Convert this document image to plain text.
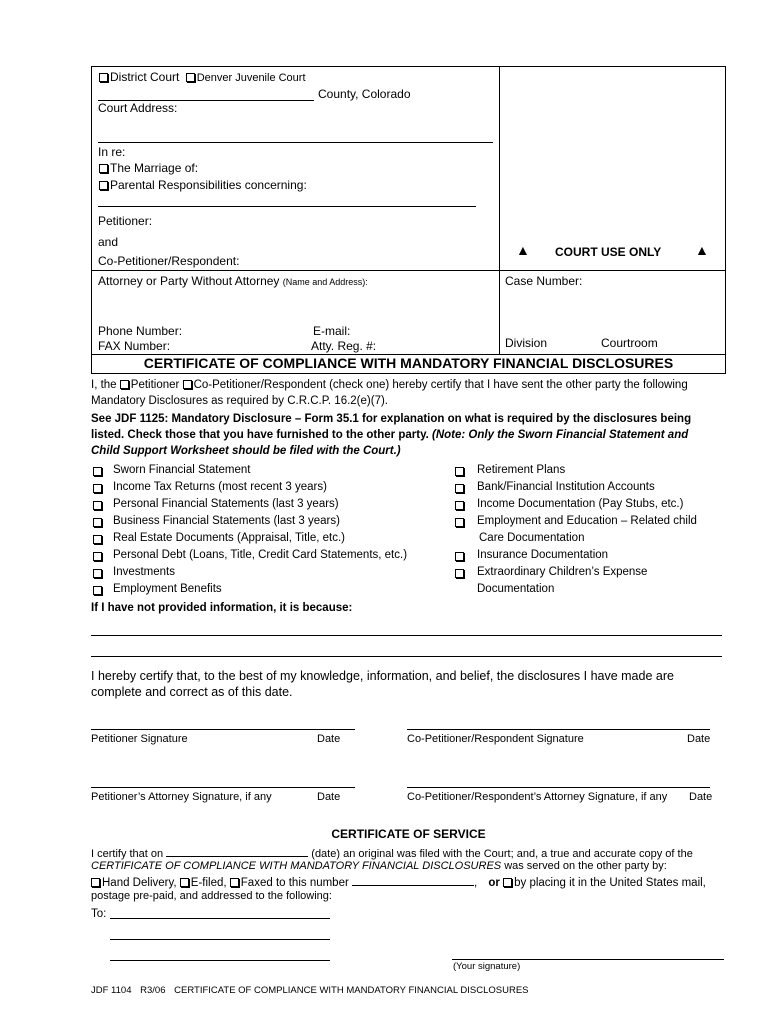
District Court Denver Juvenile Court
County, Colorado
Court Address:
In re:
The Marriage of:
Parental Responsibilities concerning:
Petitioner:
and
Co-Petitioner/Respondent:
▲ COURT USE ONLY ▲
Attorney or Party Without Attorney (Name and Address):	Case Number:
Phone Number:	E-mail:
FAX Number:	Atty. Reg. #:	Division	Courtroom
CERTIFICATE OF COMPLIANCE WITH MANDATORY FINANCIAL DISCLOSURES
I, the Petitioner Co-Petitioner/Respondent (check one) hereby certify that I have sent the other party the following
Mandatory Disclosures as required by C.R.C.P. 16.2(e)(7).
See JDF 1125: Mandatory Disclosure – Form 35.1 for explanation on what is required by the disclosures being
listed. Check those that you have furnished to the other party. (Note: Only the Sworn Financial Statement and
Child Support Worksheet should be filed with the Court.)
Sworn Financial Statement
Income Tax Returns (most recent 3 years)
Personal Financial Statements (last 3 years)
Business Financial Statements (last 3 years)
Real Estate Documents (Appraisal, Title, etc.)
Personal Debt (Loans, Title, Credit Card Statements, etc.)
Investments
Employment Benefits
Retirement Plans
Bank/Financial Institution Accounts
Income Documentation (Pay Stubs, etc.)
Employment and Education – Related child
Care Documentation
Insurance Documentation
Extraordinary Children’s Expense
Documentation
If I have not provided information, it is because:
I hereby certify that, to the best of my knowledge, information, and belief, the disclosures I have made are
complete and correct as of this date.
Petitioner Signature	Date	Co-Petitioner/Respondent Signature	Date
Petitioner’s Attorney Signature, if any	Date	Co-Petitioner/Respondent’s Attorney Signature, if any Date
CERTIFICATE OF SERVICE
I certify that on	(date) an original was filed with the Court; and, a true and accurate copy of the
CERTIFICATE OF COMPLIANCE WITH MANDATORY FINANCIAL DISCLOSURES was served on the other party by:
Hand Delivery, E-filed, Faxed to this number	, or by placing it in the United States mail,
postage pre-paid, and addressed to the following:
To:
(Your signature)
JDF 1104 R3/06 CERTIFICATE OF COMPLIANCE WITH MANDATORY FINANCIAL DISCLOSURES
